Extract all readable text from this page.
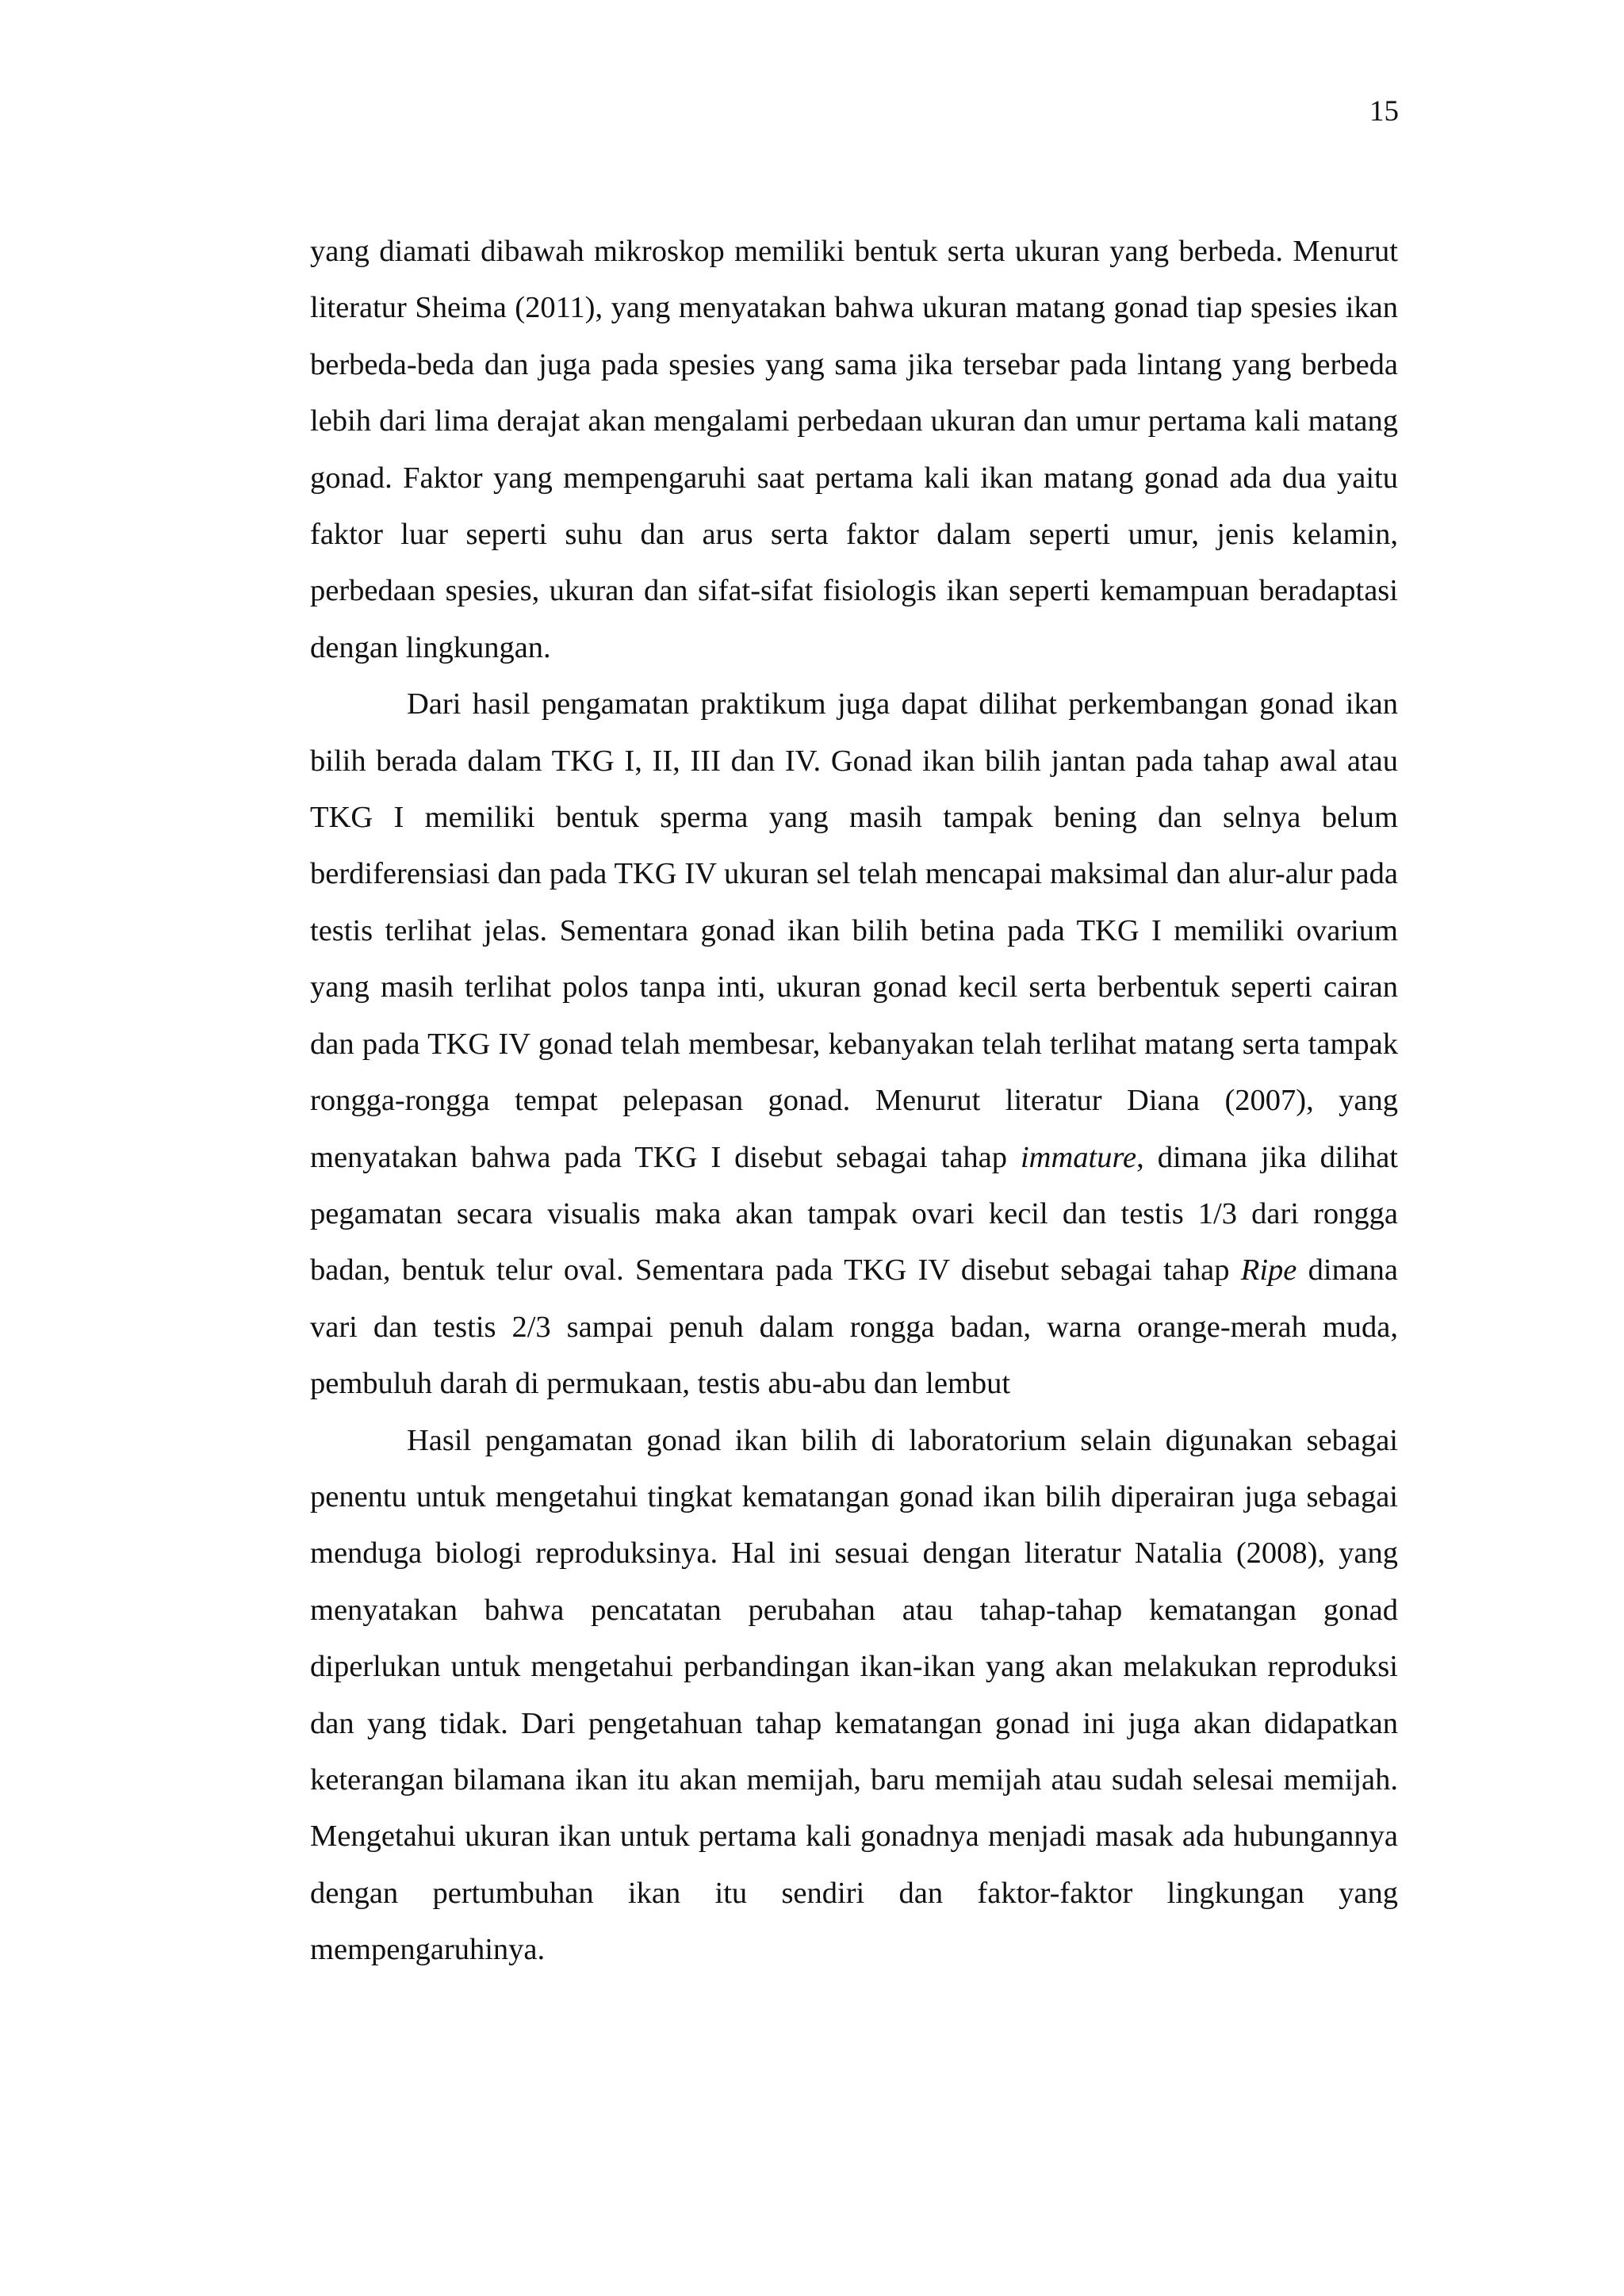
15

yang diamati dibawah mikroskop memiliki bentuk serta ukuran yang berbeda. Menurut literatur Sheima (2011), yang menyatakan bahwa ukuran matang gonad tiap spesies ikan berbeda-beda dan juga pada spesies yang sama jika tersebar pada lintang yang berbeda lebih dari lima derajat akan mengalami perbedaan ukuran dan umur pertama kali matang gonad. Faktor yang mempengaruhi saat pertama kali ikan matang gonad ada dua yaitu faktor luar seperti suhu dan arus serta faktor dalam seperti umur, jenis kelamin, perbedaan spesies, ukuran dan sifat-sifat fisiologis ikan seperti kemampuan beradaptasi dengan lingkungan.

Dari hasil pengamatan praktikum juga dapat dilihat perkembangan gonad ikan bilih berada dalam TKG I, II, III dan IV. Gonad ikan bilih jantan pada tahap awal atau TKG I memiliki bentuk sperma yang masih tampak bening dan selnya belum berdiferensiasi dan pada TKG IV ukuran sel telah mencapai maksimal dan alur-alur pada testis terlihat jelas. Sementara gonad ikan bilih betina pada TKG I memiliki ovarium yang masih terlihat polos tanpa inti, ukuran gonad kecil serta berbentuk seperti cairan dan pada TKG IV gonad telah membesar, kebanyakan telah terlihat matang serta tampak rongga-rongga tempat pelepasan gonad. Menurut literatur Diana (2007), yang menyatakan bahwa pada TKG I disebut sebagai tahap immature, dimana jika dilihat pegamatan secara visualis maka akan tampak ovari kecil dan testis 1/3 dari rongga badan, bentuk telur oval. Sementara pada TKG IV disebut sebagai tahap Ripe dimana vari dan testis 2/3 sampai penuh dalam rongga badan, warna orange-merah muda, pembuluh darah di permukaan, testis abu-abu dan lembut

Hasil pengamatan gonad ikan bilih di laboratorium selain digunakan sebagai penentu untuk mengetahui tingkat kematangan gonad ikan bilih diperairan juga sebagai menduga biologi reproduksinya. Hal ini sesuai dengan literatur Natalia (2008), yang menyatakan bahwa pencatatan perubahan atau tahap-tahap kematangan gonad diperlukan untuk mengetahui perbandingan ikan-ikan yang akan melakukan reproduksi dan yang tidak. Dari pengetahuan tahap kematangan gonad ini juga akan didapatkan keterangan bilamana ikan itu akan memijah, baru memijah atau sudah selesai memijah. Mengetahui ukuran ikan untuk pertama kali gonadnya menjadi masak ada hubungannya dengan pertumbuhan ikan itu sendiri dan faktor-faktor lingkungan yang mempengaruhinya.
